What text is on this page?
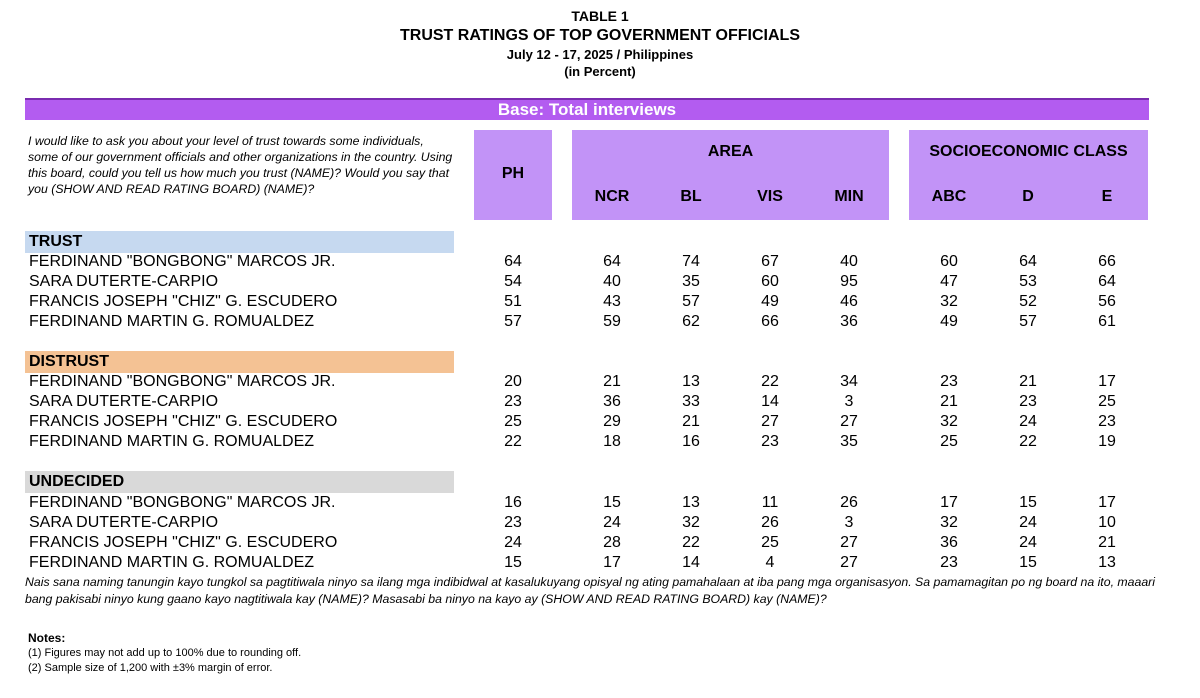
TABLE 1
TRUST RATINGS OF TOP GOVERNMENT OFFICIALS
July 12 - 17, 2025 / Philippines
(in Percent)
Base: Total interviews
I would like to ask you about your level of trust towards some individuals, some of our government officials and other organizations in the country. Using this board, could you tell us how much you trust (NAME)? Would you say that you (SHOW AND READ RATING BOARD) (NAME)?
PH
AREA
NCR	BL	VIS	MIN
SOCIOECONOMIC CLASS
ABC	D	E
TRUST
FERDINAND "BONGBONG" MARCOS JR.	64	64	74	67	40	60	64	66
SARA DUTERTE-CARPIO	54	40	35	60	95	47	53	64
FRANCIS JOSEPH "CHIZ" G. ESCUDERO	51	43	57	49	46	32	52	56
FERDINAND MARTIN G. ROMUALDEZ	57	59	62	66	36	49	57	61
DISTRUST
FERDINAND "BONGBONG" MARCOS JR.	20	21	13	22	34	23	21	17
SARA DUTERTE-CARPIO	23	36	33	14	3	21	23	25
FRANCIS JOSEPH "CHIZ" G. ESCUDERO	25	29	21	27	27	32	24	23
FERDINAND MARTIN G. ROMUALDEZ	22	18	16	23	35	25	22	19
UNDECIDED
FERDINAND "BONGBONG" MARCOS JR.	16	15	13	11	26	17	15	17
SARA DUTERTE-CARPIO	23	24	32	26	3	32	24	10
FRANCIS JOSEPH "CHIZ" G. ESCUDERO	24	28	22	25	27	36	24	21
FERDINAND MARTIN G. ROMUALDEZ	15	17	14	4	27	23	15	13
Nais sana naming tanungin kayo tungkol sa pagtitiwala ninyo sa ilang mga indibidwal at kasalukuyang opisyal ng ating pamahalaan at iba pang mga organisasyon. Sa pamamagitan po ng board na ito, maaari bang pakisabi ninyo kung gaano kayo nagtitiwala kay (NAME)? Masasabi ba ninyo na kayo ay (SHOW AND READ RATING BOARD) kay (NAME)?
Notes:
(1) Figures may not add up to 100% due to rounding off.
(2) Sample size of 1,200 with ±3% margin of error.
